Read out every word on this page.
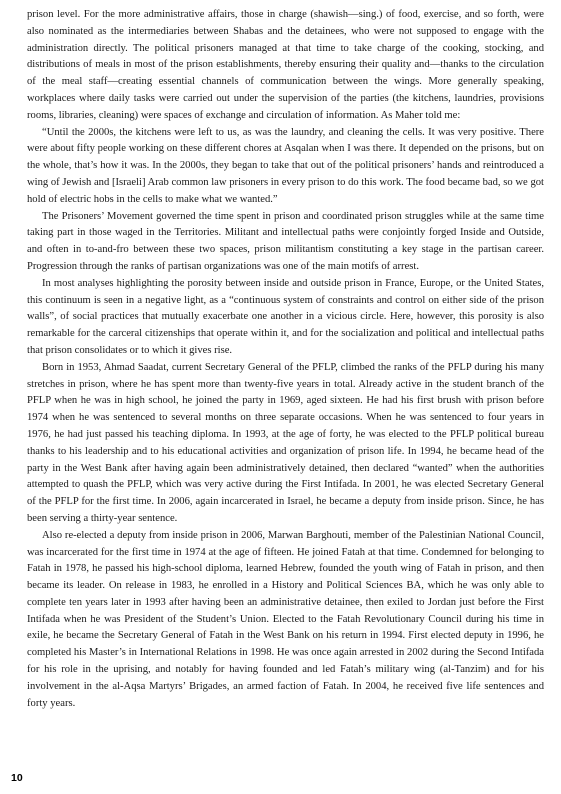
prison level. For the more administrative affairs, those in charge (shawish—sing.) of food, exercise, and so forth, were also nominated as the intermediaries between Shabas and the detainees, who were not supposed to engage with the administration directly. The political prisoners managed at that time to take charge of the cooking, stocking, and distributions of meals in most of the prison establishments, thereby ensuring their quality and—thanks to the circulation of the meal staff—creating essential channels of communication between the wings. More generally speaking, workplaces where daily tasks were carried out under the supervision of the parties (the kitchens, laundries, provisions rooms, libraries, cleaning) were spaces of exchange and circulation of information. As Maher told me:

“Until the 2000s, the kitchens were left to us, as was the laundry, and cleaning the cells. It was very positive. There were about fifty people working on these different chores at Asqalan when I was there. It depended on the prisons, but on the whole, that’s how it was. In the 2000s, they began to take that out of the political prisoners’ hands and reintroduced a wing of Jewish and [Israeli] Arab common law prisoners in every prison to do this work. The food became bad, so we got hold of electric hobs in the cells to make what we wanted.”

The Prisoners’ Movement governed the time spent in prison and coordinated prison struggles while at the same time taking part in those waged in the Territories. Militant and intellectual paths were conjointly forged Inside and Outside, and often in to-and-fro between these two spaces, prison militantism constituting a key stage in the partisan career. Progression through the ranks of partisan organizations was one of the main motifs of arrest.

In most analyses highlighting the porosity between inside and outside prison in France, Europe, or the United States, this continuum is seen in a negative light, as a “continuous system of constraints and control on either side of the prison walls”, of social practices that mutually exacerbate one another in a vicious circle. Here, however, this porosity is also remarkable for the carceral citizenships that operate within it, and for the socialization and political and intellectual paths that prison consolidates or to which it gives rise.

Born in 1953, Ahmad Saadat, current Secretary General of the PFLP, climbed the ranks of the PFLP during his many stretches in prison, where he has spent more than twenty-five years in total. Already active in the student branch of the PFLP when he was in high school, he joined the party in 1969, aged sixteen. He had his first brush with prison before 1974 when he was sentenced to several months on three separate occasions. When he was sentenced to four years in 1976, he had just passed his teaching diploma. In 1993, at the age of forty, he was elected to the PFLP political bureau thanks to his leadership and to his educational activities and organization of prison life. In 1994, he became head of the party in the West Bank after having again been administratively detained, then declared “wanted” when the authorities attempted to quash the PFLP, which was very active during the First Intifada. In 2001, he was elected Secretary General of the PFLP for the first time. In 2006, again incarcerated in Israel, he became a deputy from inside prison. Since, he has been serving a thirty-year sentence.

Also re-elected a deputy from inside prison in 2006, Marwan Barghouti, member of the Palestinian National Council, was incarcerated for the first time in 1974 at the age of fifteen. He joined Fatah at that time. Condemned for belonging to Fatah in 1978, he passed his high-school diploma, learned Hebrew, founded the youth wing of Fatah in prison, and then became its leader. On release in 1983, he enrolled in a History and Political Sciences BA, which he was only able to complete ten years later in 1993 after having been an administrative detainee, then exiled to Jordan just before the First Intifada when he was President of the Student’s Union. Elected to the Fatah Revolutionary Council during his time in exile, he became the Secretary General of Fatah in the West Bank on his return in 1994. First elected deputy in 1996, he completed his Master’s in International Relations in 1998. He was once again arrested in 2002 during the Second Intifada for his role in the uprising, and notably for having founded and led Fatah’s military wing (al-Tanzim) and for his involvement in the al-Aqsa Martyrs’ Brigades, an armed faction of Fatah. In 2004, he received five life sentences and forty years.

10
